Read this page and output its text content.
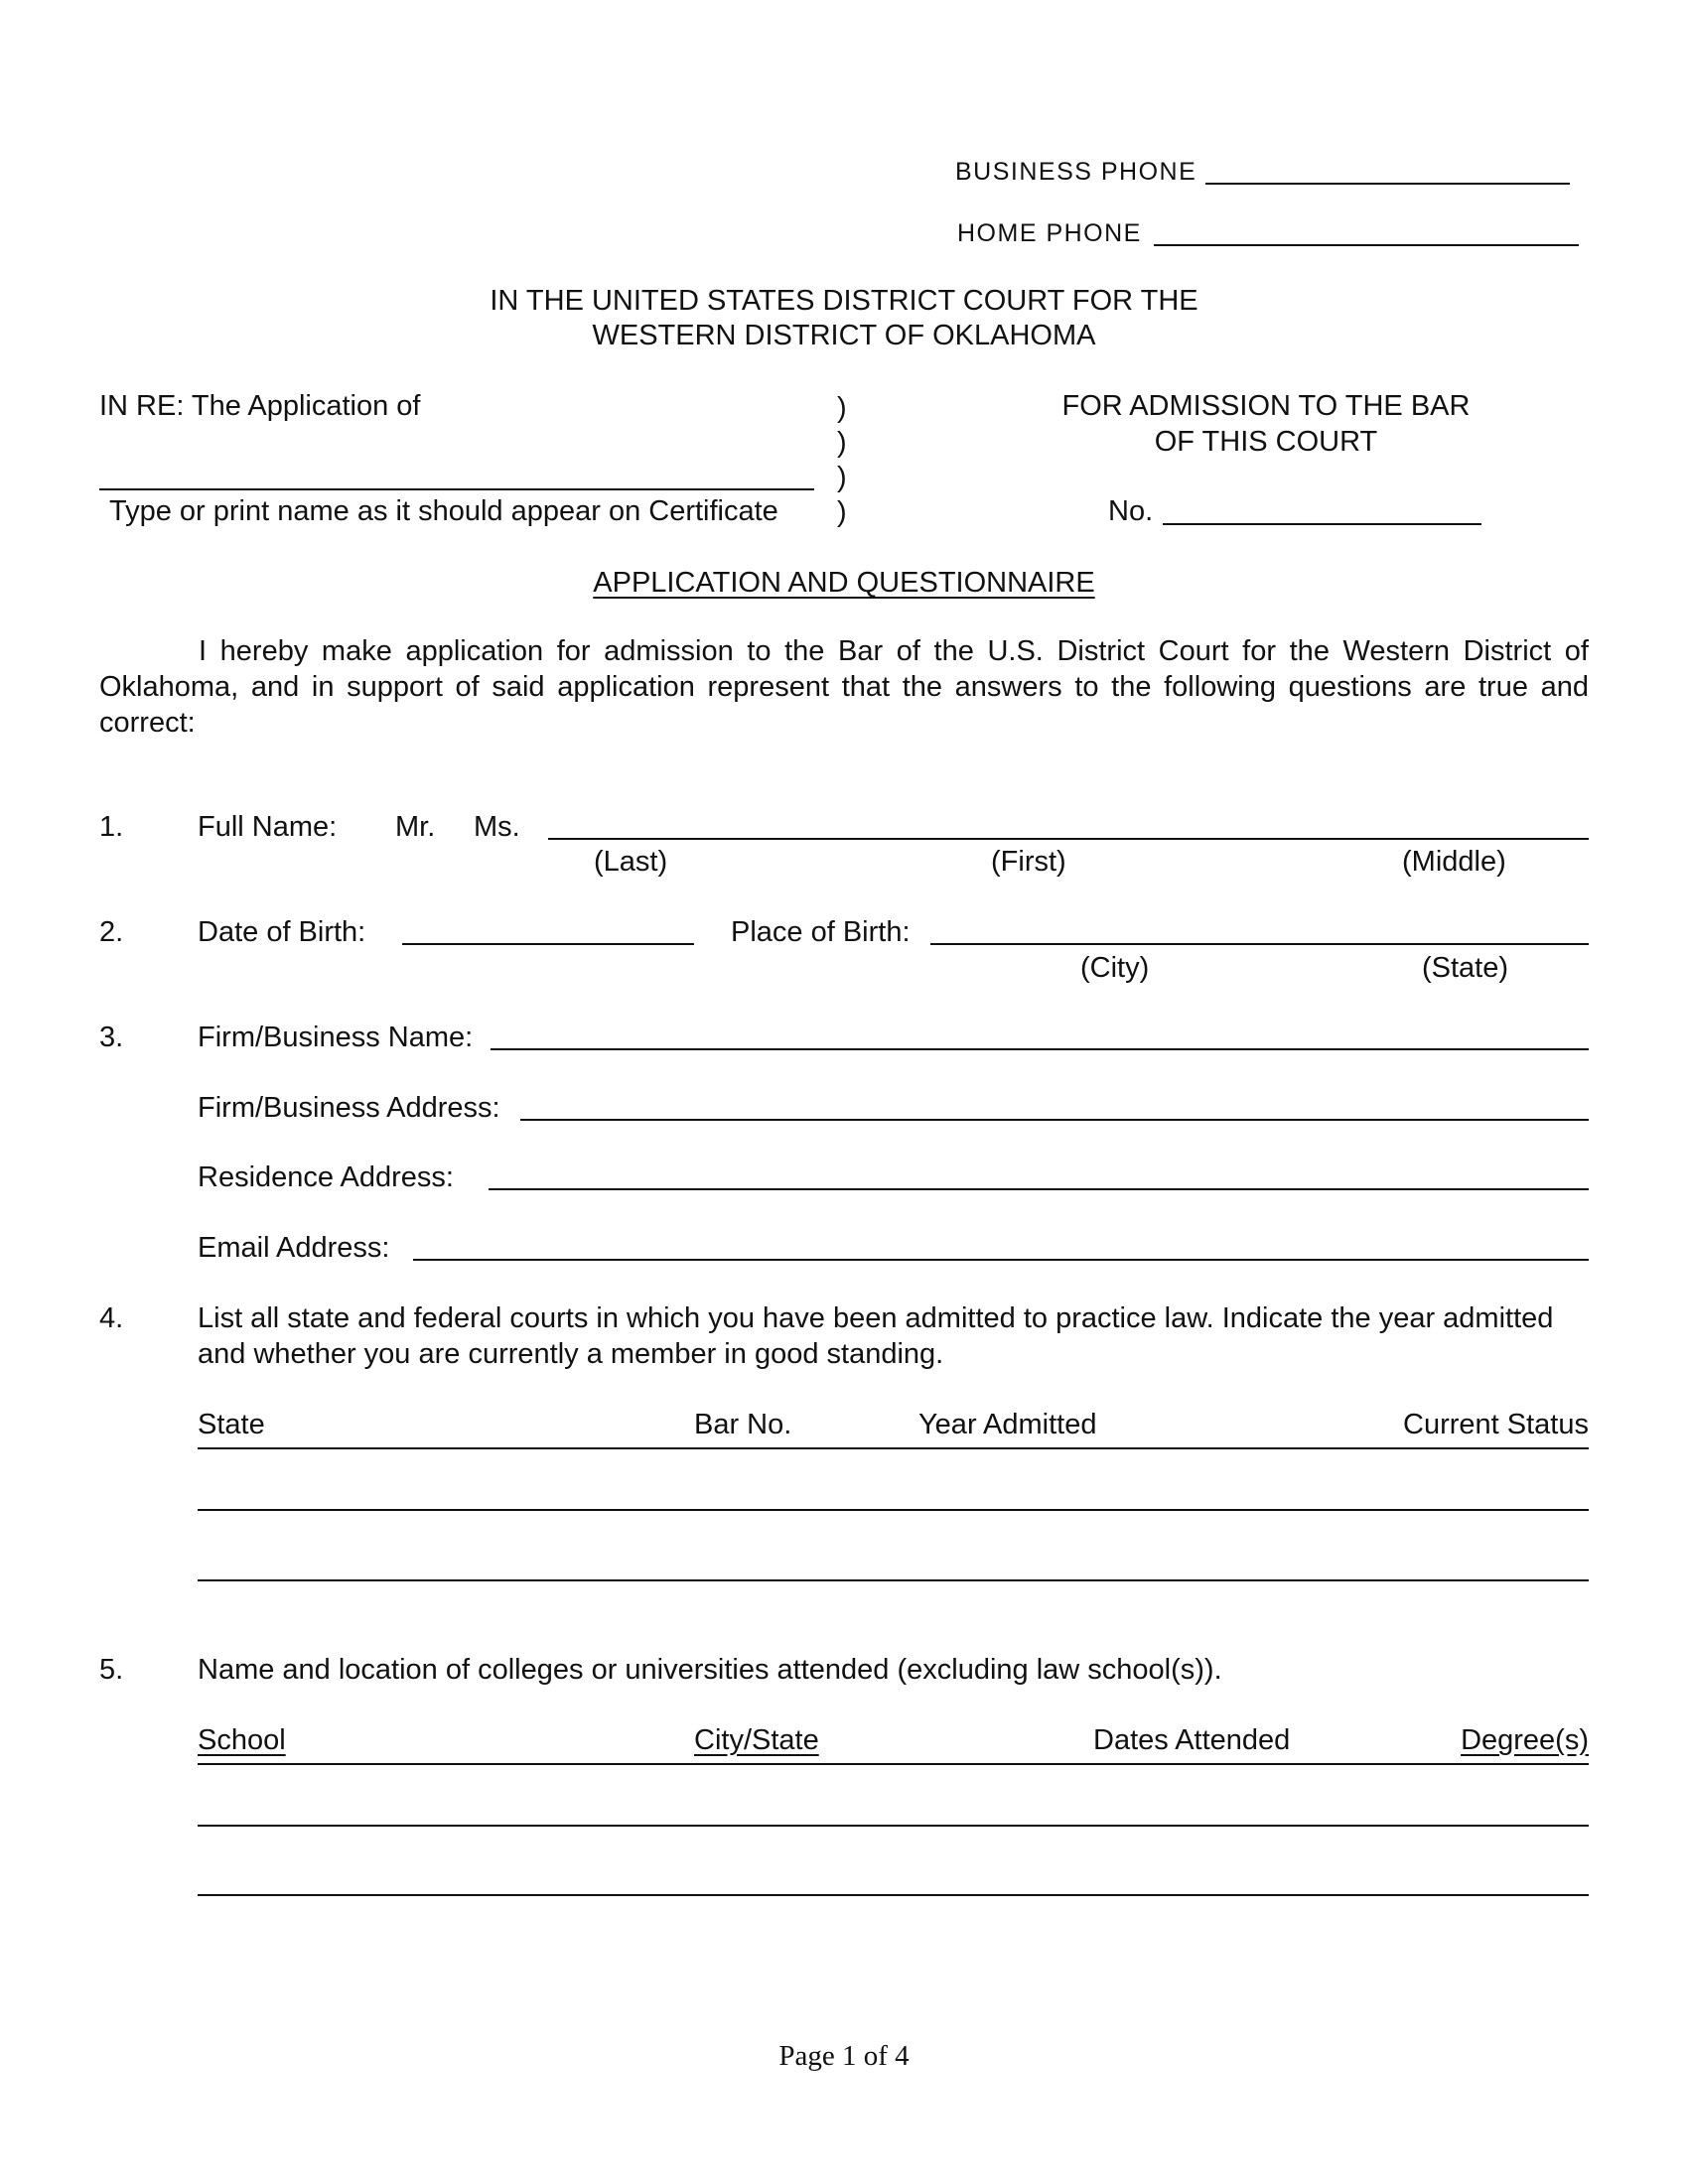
BUSINESS PHONE
HOME PHONE
IN THE UNITED STATES DISTRICT COURT FOR THE
WESTERN DISTRICT OF OKLAHOMA
IN RE: The Application of
Type or print name as it should appear on Certificate
)
)
)
)
FOR ADMISSION TO THE BAR
OF THIS COURT
No.
APPLICATION AND QUESTIONNAIRE
I hereby make application for admission to the Bar of the U.S. District Court for the Western District of Oklahoma, and in support of said application represent that the answers to the following questions are true and correct:
1.	Full Name: Mr. Ms.
(Last)	(First)	(Middle)
2.	Date of Birth:	Place of Birth:
(City)	(State)
3.	Firm/Business Name:
Firm/Business Address:
Residence Address:
Email Address:
4.	List all state and federal courts in which you have been admitted to practice law. Indicate the year admitted
and whether you are currently a member in good standing.
State	Bar No.	Year Admitted	Current Status
5.	Name and location of colleges or universities attended (excluding law school(s)).
School	City/State	Dates Attended	Degree(s)
Page 1 of 4
